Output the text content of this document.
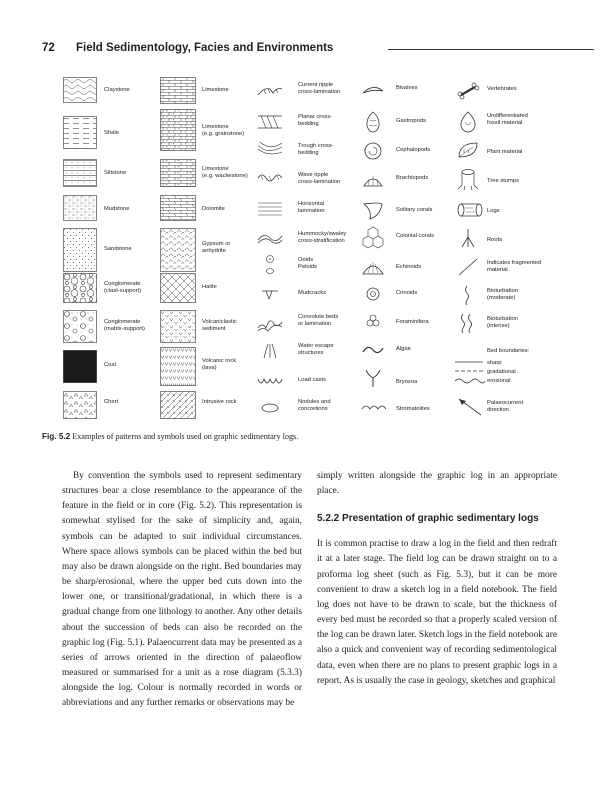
72 Field Sedimentology, Facies and Environments
Claystone
Shale
Siltstone
Mudstone
Sandstone
Conglomerate
(clast-support)
Conglomerate
(matrix-support)
Coal
Chert
Limestone
Limestone
(e.g. grainstone)
Limestone
(e.g. wackestone)
Dolomite
Gypsum or
anhydrite
Halite
Volcaniclastic
sediment
Volcanic rock
(lava)
Intrusive rock
Current ripple
cross-lamination
Planar cross-
bedding
Trough cross-
bedding
Wave ripple
cross-lamination
Horizontal
lamination
Hummocky/swaley
cross-stratification
Ooids
Peloids
Mudcracks
Convolute beds
or lamination
Water escape
structures
Load casts
Nodules and
concretions
Bivalves
Gastropods
Cephalopods
Brachiopods
Solitary corals
Colonial corals
Echinoids
Crinoids
Foraminifera
Algae
Bryozoa
Stromatolites
Vertebrates
Undifferentiated
fossil material
Plant material
Tree stumps
Logs
Roots
Indicates fragmented
material
Bioturbation
(moderate)
Bioturbation
(intense)
Bed boundaries:
sharp
gradational
erosional
Palaeocurrent
direction
Fig. 5.2 Examples of patterns and symbols used on graphic sedimentary logs.

By convention the symbols used to represent sedimentary structures bear a close resemblance to the appearance of the feature in the field or in core (Fig. 5.2). This representation is somewhat stylised for the sake of simplicity and, again, symbols can be adapted to suit individual circumstances. Where space allows symbols can be placed within the bed but may also be drawn alongside on the right. Bed boundaries may be sharp/erosional, where the upper bed cuts down into the lower one, or transitional/gradational, in which there is a gradual change from one lithology to another. Any other details about the succession of beds can also be recorded on the graphic log (Fig. 5.1). Palaeocurrent data may be presented as a series of arrows oriented in the direction of palaeoflow measured or summarised for a unit as a rose diagram (5.3.3) alongside the log. Colour is normally recorded in words or abbreviations and any further remarks or observations may be

simply written alongside the graphic log in an appropriate place.

5.2.2 Presentation of graphic sedimentary logs

It is common practise to draw a log in the field and then redraft it at a later stage. The field log can be drawn straight on to a proforma log sheet (such as Fig. 5.3), but it can be more convenient to draw a sketch log in a field notebook. The field log does not have to be drawn to scale, but the thickness of every bed must be recorded so that a properly scaled version of the log can be drawn later. Sketch logs in the field notebook are also a quick and convenient way of recording sedimentological data, even when there are no plans to present graphic logs in a report. As is usually the case in geology, sketches and graphical
